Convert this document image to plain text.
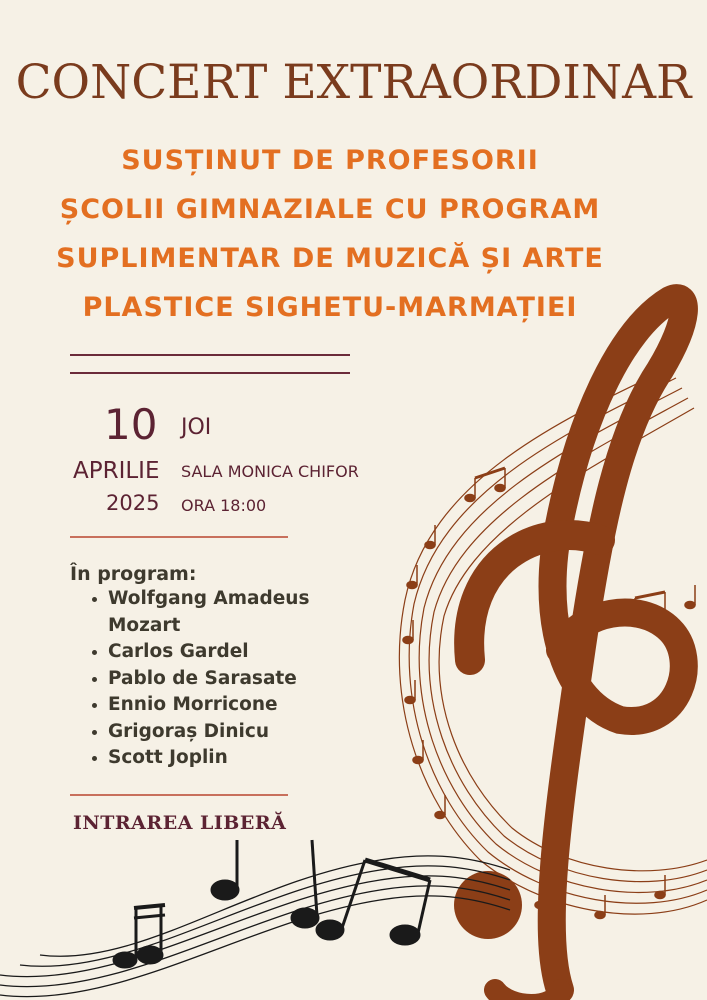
CONCERT EXTRAORDINAR
SUSȚINUT DE PROFESORII
ȘCOLII GIMNAZIALE CU PROGRAM
SUPLIMENTAR DE MUZICĂ ȘI ARTE
PLASTICE SIGHETU-MARMAȚIEI
10
APRILIE
2025
JOI
SALA MONICA CHIFOR
ORA 18:00
În program:
Wolfgang Amadeus Mozart
Carlos Gardel
Pablo de Sarasate
Ennio Morricone
Grigoraș Dinicu
Scott Joplin
INTRAREA LIBERĂ
